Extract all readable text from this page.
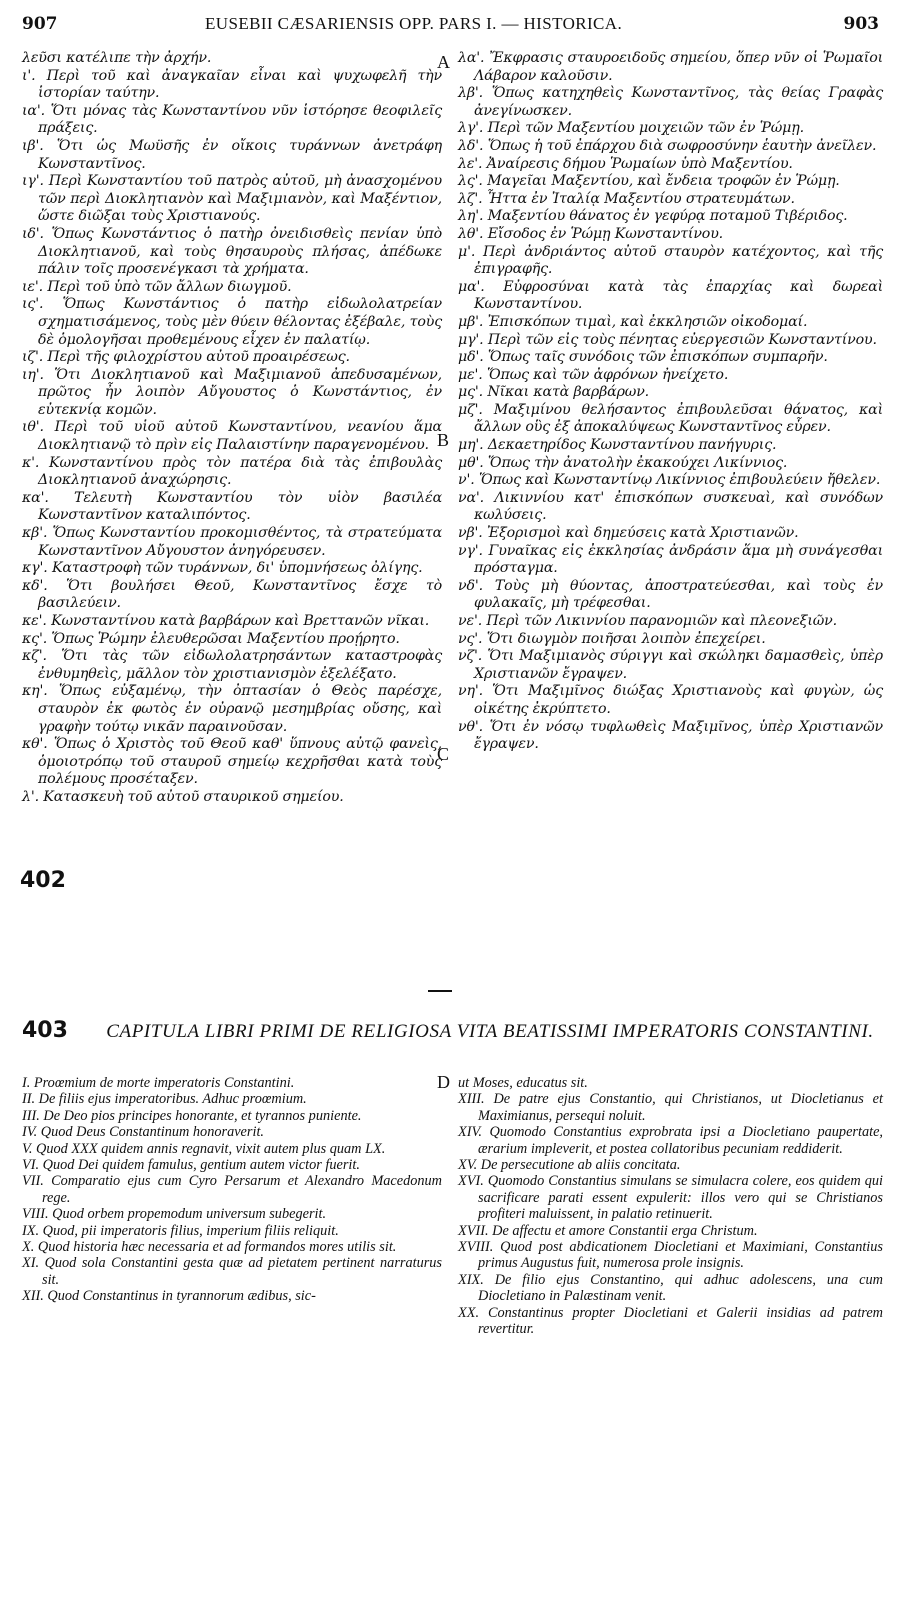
907	EUSEBII CÆSARIENSIS OPP. PARS I. — HISTORICA.	903
A
B
C
D
402
403
λεῦσι κατέλιπε τὴν ἀρχήν.
ι'. Περὶ τοῦ καὶ ἀναγκαῖαν εἶναι καὶ ψυχωφελῆ τὴν ἱστορίαν ταύτην.
ια'. Ὅτι μόνας τὰς Κωνσταντίνου νῦν ἱστόρησε θεοφιλεῖς πράξεις.
ιβ'. Ὅτι ὡς Μωϋσῆς ἐν οἴκοις τυράννων ἀνετράφη Κωνσταντῖνος.
ιγ'. Περὶ Κωνσταντίου τοῦ πατρὸς αὐτοῦ, μὴ ἀνασχομένου τῶν περὶ Διοκλητιανὸν καὶ Μαξιμιανὸν, καὶ Μαξέντιον, ὥστε διῶξαι τοὺς Χριστιανούς.
ιδ'. Ὅπως Κωνστάντιος ὁ πατὴρ ὀνειδισθεὶς πενίαν ὑπὸ Διοκλητιανοῦ, καὶ τοὺς θησαυροὺς πλήσας, ἀπέδωκε πάλιν τοῖς προσενέγκασι τὰ χρήματα.
ιε'. Περὶ τοῦ ὑπὸ τῶν ἄλλων διωγμοῦ.
ις'. Ὅπως Κωνστάντιος ὁ πατὴρ εἰδωλολατρείαν σχηματισάμενος, τοὺς μὲν θύειν θέλοντας ἐξέβαλε, τοὺς δὲ ὁμολογῆσαι προθεμένους εἶχεν ἐν παλατίῳ.
ιζ'. Περὶ τῆς φιλοχρίστου αὐτοῦ προαιρέσεως.
ιη'. Ὅτι Διοκλητιανοῦ καὶ Μαξιμιανοῦ ἀπεδυσαμένων, πρῶτος ἦν λοιπὸν Αὔγουστος ὁ Κωνστάντιος, ἐν εὐτεκνίᾳ κομῶν.
ιθ'. Περὶ τοῦ υἱοῦ αὐτοῦ Κωνσταντίνου, νεανίου ἅμα Διοκλητιανῷ τὸ πρὶν εἰς Παλαιστίνην παραγενομένου.
κ'. Κωνσταντίνου πρὸς τὸν πατέρα διὰ τὰς ἐπιβουλὰς Διοκλητιανοῦ ἀναχώρησις.
κα'. Τελευτὴ Κωνσταντίου τὸν υἱὸν βασιλέα Κωνσταντῖνον καταλιπόντος.
κβ'. Ὅπως Κωνσταντίου προκομισθέντος, τὰ στρατεύματα Κωνσταντῖνον Αὔγουστον ἀνηγόρευσεν.
κγ'. Καταστροφὴ τῶν τυράννων, δι' ὑπομνήσεως ὀλίγης.
κδ'. Ὅτι βουλήσει Θεοῦ, Κωνσταντῖνος ἔσχε τὸ βασιλεύειν.
κε'. Κωνσταντίνου κατὰ βαρβάρων καὶ Βρεττανῶν νῖκαι.
κς'. Ὅπως Ῥώμην ἐλευθερῶσαι Μαξεντίου προῄρητο.
κζ'. Ὅτι τὰς τῶν εἰδωλολατρησάντων καταστροφὰς ἐνθυμηθεὶς, μᾶλλον τὸν χριστιανισμὸν ἐξελέξατο.
κη'. Ὅπως εὐξαμένῳ, τὴν ὀπτασίαν ὁ Θεὸς παρέσχε, σταυρὸν ἐκ φωτὸς ἐν οὐρανῷ μεσημβρίας οὔσης, καὶ γραφὴν τούτῳ νικᾶν παραινοῦσαν.
κθ'. Ὅπως ὁ Χριστὸς τοῦ Θεοῦ καθ' ὕπνους αὐτῷ φανεὶς, ὁμοιοτρόπῳ τοῦ σταυροῦ σημείῳ κεχρῆσθαι κατὰ τοὺς πολέμους προσέταξεν.
λ'. Κατασκευὴ τοῦ αὐτοῦ σταυρικοῦ σημείου.
λα'. Ἔκφρασις σταυροειδοῦς σημείου, ὅπερ νῦν οἱ Ῥωμαῖοι Λάβαρον καλοῦσιν.
λβ'. Ὅπως κατηχηθεὶς Κωνσταντῖνος, τὰς θείας Γραφὰς ἀνεγίνωσκεν.
λγ'. Περὶ τῶν Μαξεντίου μοιχειῶν τῶν ἐν Ῥώμῃ.
λδ'. Ὅπως ἡ τοῦ ἐπάρχου διὰ σωφροσύνην ἑαυτὴν ἀνεῖλεν.
λε'. Ἀναίρεσις δήμου Ῥωμαίων ὑπὸ Μαξεντίου.
λς'. Μαγεῖαι Μαξεντίου, καὶ ἔνδεια τροφῶν ἐν Ῥώμῃ.
λζ'. Ἧττα ἐν Ἰταλίᾳ Μαξεντίου στρατευμάτων.
λη'. Μαξεντίου θάνατος ἐν γεφύρᾳ ποταμοῦ Τιβέριδος.
λθ'. Εἴσοδος ἐν Ῥώμῃ Κωνσταντίνου.
μ'. Περὶ ἀνδριάντος αὐτοῦ σταυρὸν κατέχοντος, καὶ τῆς ἐπιγραφῆς.
μα'. Εὐφροσύναι κατὰ τὰς ἐπαρχίας καὶ δωρεαὶ Κωνσταντίνου.
μβ'. Ἐπισκόπων τιμαὶ, καὶ ἐκκλησιῶν οἰκοδομαί.
μγ'. Περὶ τῶν εἰς τοὺς πένητας εὐεργεσιῶν Κωνσταντίνου.
μδ'. Ὅπως ταῖς συνόδοις τῶν ἐπισκόπων συμπαρῆν.
με'. Ὅπως καὶ τῶν ἀφρόνων ἠνείχετο.
μς'. Νῖκαι κατὰ βαρβάρων.
μζ'. Μαξιμίνου θελήσαντος ἐπιβουλεῦσαι θάνατος, καὶ ἄλλων οὓς ἐξ ἀποκαλύψεως Κωνσταντῖνος εὗρεν.
μη'. Δεκαετηρίδος Κωνσταντίνου πανήγυρις.
μθ'. Ὅπως τὴν ἀνατολὴν ἐκακούχει Λικίννιος.
ν'. Ὅπως καὶ Κωνσταντίνῳ Λικίννιος ἐπιβουλεύειν ἤθελεν.
να'. Λικιννίου κατ' ἐπισκόπων συσκευαὶ, καὶ συνόδων κωλύσεις.
νβ'. Ἐξορισμοὶ καὶ δημεύσεις κατὰ Χριστιανῶν.
νγ'. Γυναῖκας εἰς ἐκκλησίας ἀνδράσιν ἅμα μὴ συνάγεσθαι πρόσταγμα.
νδ'. Τοὺς μὴ θύοντας, ἀποστρατεύεσθαι, καὶ τοὺς ἐν φυλακαῖς, μὴ τρέφεσθαι.
νε'. Περὶ τῶν Λικιννίου παρανομιῶν καὶ πλεονεξιῶν.
νς'. Ὅτι διωγμὸν ποιῆσαι λοιπὸν ἐπεχείρει.
νζ'. Ὅτι Μαξιμιανὸς σύριγγι καὶ σκώληκι δαμασθεὶς, ὑπὲρ Χριστιανῶν ἔγραψεν.
νη'. Ὅτι Μαξιμῖνος διώξας Χριστιανοὺς καὶ φυγὼν, ὡς οἰκέτης ἐκρύπτετο.
νθ'. Ὅτι ἐν νόσῳ τυφλωθεὶς Μαξιμῖνος, ὑπὲρ Χριστιανῶν ἔγραψεν.
CAPITULA LIBRI PRIMI DE RELIGIOSA VITA BEATISSIMI IMPERATORIS CONSTANTINI.
I. Proœmium de morte imperatoris Constantini.
II. De filiis ejus imperatoribus. Adhuc proœmium.
III. De Deo pios principes honorante, et tyrannos puniente.
IV. Quod Deus Constantinum honoraverit.
V. Quod XXX quidem annis regnavit, vixit autem plus quam LX.
VI. Quod Dei quidem famulus, gentium autem victor fuerit.
VII. Comparatio ejus cum Cyro Persarum et Alexandro Macedonum rege.
VIII. Quod orbem propemodum universum subegerit.
IX. Quod, pii imperatoris filius, imperium filiis reliquit.
X. Quod historia hæc necessaria et ad formandos mores utilis sit.
XI. Quod sola Constantini gesta quæ ad pietatem pertinent narraturus sit.
XII. Quod Constantinus in tyrannorum ædibus, sic-
ut Moses, educatus sit.
XIII. De patre ejus Constantio, qui Christianos, ut Diocletianus et Maximianus, persequi noluit.
XIV. Quomodo Constantius exprobrata ipsi a Diocletiano paupertate, ærarium impleverit, et postea collatoribus pecuniam reddiderit.
XV. De persecutione ab aliis concitata.
XVI. Quomodo Constantius simulans se simulacra colere, eos quidem qui sacrificare parati essent expulerit: illos vero qui se Christianos profiteri maluissent, in palatio retinuerit.
XVII. De affectu et amore Constantii erga Christum.
XVIII. Quod post abdicationem Diocletiani et Maximiani, Constantius primus Augustus fuit, numerosa prole insignis.
XIX. De filio ejus Constantino, qui adhuc adolescens, una cum Diocletiano in Palæstinam venit.
XX. Constantinus propter Diocletiani et Galerii insidias ad patrem revertitur.
